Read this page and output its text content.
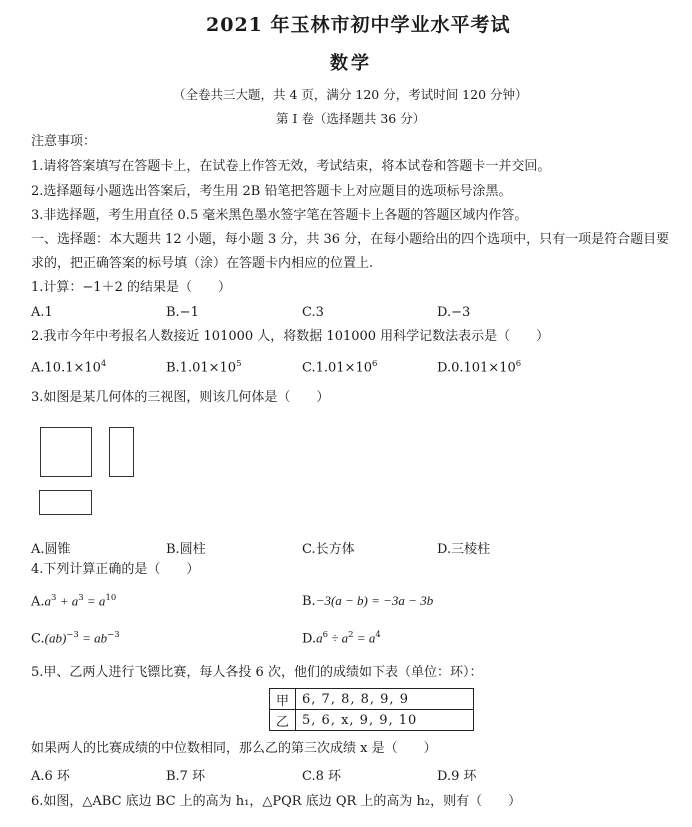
2021 年玉林市初中学业水平考试
数学
（全卷共三大题，共 4 页，满分 120 分，考试时间 120 分钟）
第 I 卷（选择题共 36 分）
注意事项：
1.请将答案填写在答题卡上，在试卷上作答无效，考试结束，将本试卷和答题卡一并交回。
2.选择题每小题选出答案后，考生用 2B 铅笔把答题卡上对应题目的选项标号涂黑。
3.非选择题，考生用直径 0.5 毫米黑色墨水签字笔在答题卡上各题的答题区域内作答。
一、选择题：本大题共 12 小题，每小题 3 分，共 36 分，在每小题给出的四个选项中，只有一项是符合题目要
求的，把正确答案的标号填（涂）在答题卡内相应的位置上.
1.计算：−1＋2 的结果是（　　）
A.1	B.−1	C.3	D.−3
2.我市今年中考报名人数接近 101000 人，将数据 101000 用科学记数法表示是（　　）
$A.10.1\times 10^4$	$B.1.01\times 10^5$	$C.1.01\times 10^6$	$D.0.101\times 10^6$
3.如图是某几何体的三视图，则该几何体是（　　）
A.圆锥	B.圆柱	C.长方体	D.三棱柱
4.下列计算正确的是（　　）
$A.a^3 + a^3 = a^{10}$	B.−3(a − b) = −3a − 3b
$C.(ab)^{-3} = ab^{-3}$	$D.a^6 \div a^2 = a^4$
5.甲、乙两人进行飞镖比赛，每人各投 6 次，他们的成绩如下表（单位：环）：
甲	6, 7, 8, 8, 9, 9
乙	5, 6, x, 9, 9, 10
如果两人的比赛成绩的中位数相同，那么乙的第三次成绩 x 是（　　）
A.6 环	B.7 环	C.8 环	D.9 环
6.如图，△ABC 底边 BC 上的高为 h₁，△PQR 底边 QR 上的高为 h₂，则有（　　）
